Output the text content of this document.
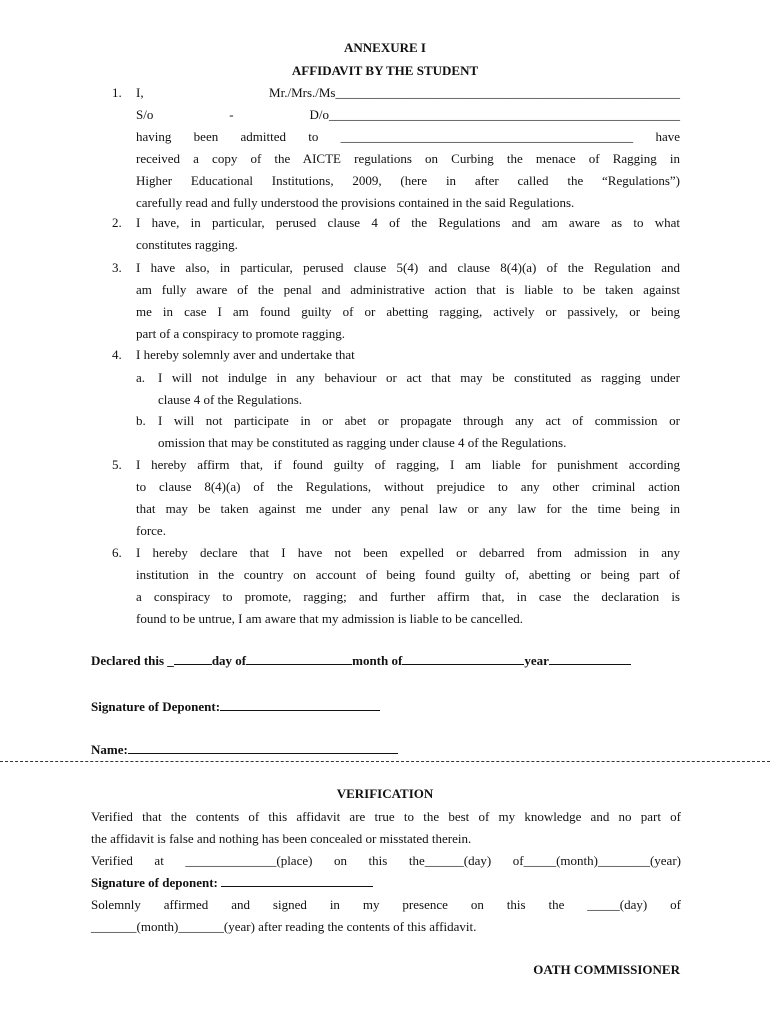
ANNEXURE I
AFFIDAVIT BY THE STUDENT
1. I, Mr./Mrs./Ms_____________________________________________________
S/o - D/o______________________________________________________
having been admitted to _____________________________________________ have
received a copy of the AICTE regulations on Curbing the menace of Ragging in
Higher Educational Institutions, 2009, (here in after called the “Regulations”)
carefully read and fully understood the provisions contained in the said Regulations.
2. I have, in particular, perused clause 4 of the Regulations and am aware as to what
constitutes ragging.
3. I have also, in particular, perused clause 5(4) and clause 8(4)(a) of the Regulation and
am fully aware of the penal and administrative action that is liable to be taken against
me in case I am found guilty of or abetting ragging, actively or passively, or being
part of a conspiracy to promote ragging.
4. I hereby solemnly aver and undertake that
a. I will not indulge in any behaviour or act that may be constituted as ragging under
clause 4 of the Regulations.
b. I will not participate in or abet or propagate through any act of commission or
omission that may be constituted as ragging under clause 4 of the Regulations.
5. I hereby affirm that, if found guilty of ragging, I am liable for punishment according
to clause 8(4)(a) of the Regulations, without prejudice to any other criminal action
that may be taken against me under any penal law or any law for the time being in
force.
6. I hereby declare that I have not been expelled or debarred from admission in any
institution in the country on account of being found guilty of, abetting or being part of
a conspiracy to promote, ragging; and further affirm that, in case the declaration is
found to be untrue, I am aware that my admission is liable to be cancelled.
Declared this _	day of	month of	year
Signature of Deponent:
Name:
VERIFICATION
Verified that the contents of this affidavit are true to the best of my knowledge and no part of
the affidavit is false and nothing has been concealed or misstated therein.
Verified at ______________(place) on this the______(day) of_____(month)________(year)
Signature of deponent:
Solemnly affirmed and signed in my presence on this the _____(day) of
_______(month)_______(year) after reading the contents of this affidavit.
OATH COMMISSIONER
